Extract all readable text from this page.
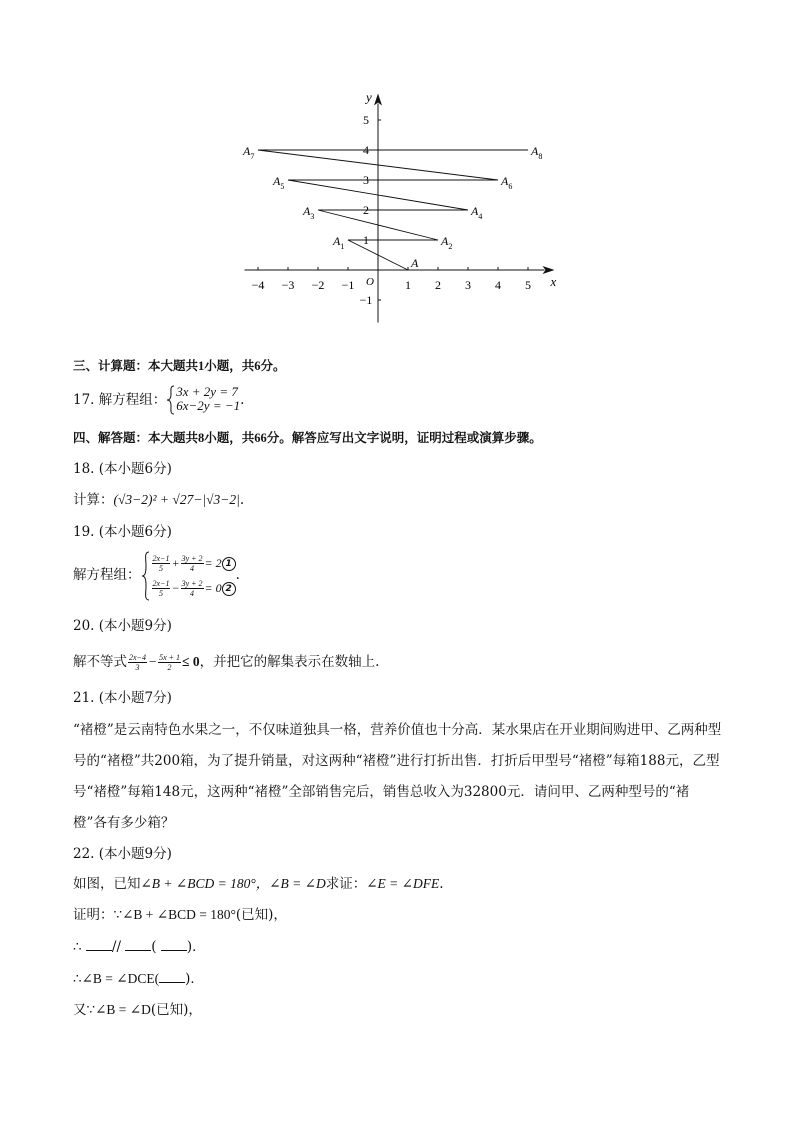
x
y
O
−4 −3 −2 −1	1 2 3 4 5
5
4
3
2
1
−1
A
$A_1$	$A_2$
$A_3$	$A_4$
$A_5$	$A_6$
$A_7$	$A_8$
三、计算题：本大题共1小题，共6分。
17. 解方程组：
3x + 2y = 7
6x−2y = −1 .
四、解答题：本大题共8小题，共66分。解答应写出文字说明，证明过程或演算步骤。
18. (本小题6分)
计算：(√3−2)² + √27−|√3−2|.
19. (本小题6分)
解方程组：
$\frac{2x-1}{5} + \frac{3y + 2}{4} = 2$ 1
$\frac{2x-1}{5} - \frac{3y + 2}{4} = 0$ 2
.
20. (本小题9分)
解不等式 $\frac{2x-4}{3} - \frac{5x + 1}{2} \le 0$，并把它的解集表示在数轴上.
21. (本小题7分)
“褚橙”是云南特色水果之一，不仅味道独具一格，营养价值也十分高．某水果店在开业期间购进甲、乙两种型号的“褚橙”共200箱，为了提升销量，对这两种“褚橙”进行打折出售．打折后甲型号“褚橙”每箱188元，乙型号“褚橙”每箱148元，这两种“褚橙”全部销售完后，销售总收入为32800元．请问甲、乙两种型号的“褚橙”各有多少箱？
22. (本小题9分)
如图，已知∠B + ∠BCD = 180°，∠B = ∠D求证：∠E = ∠DFE.
证明：∵∠B + ∠BCD = 180°(已知)，
∴ // ( )．
∴∠B = ∠DCE( )．
又∵∠B = ∠D(已知)，
